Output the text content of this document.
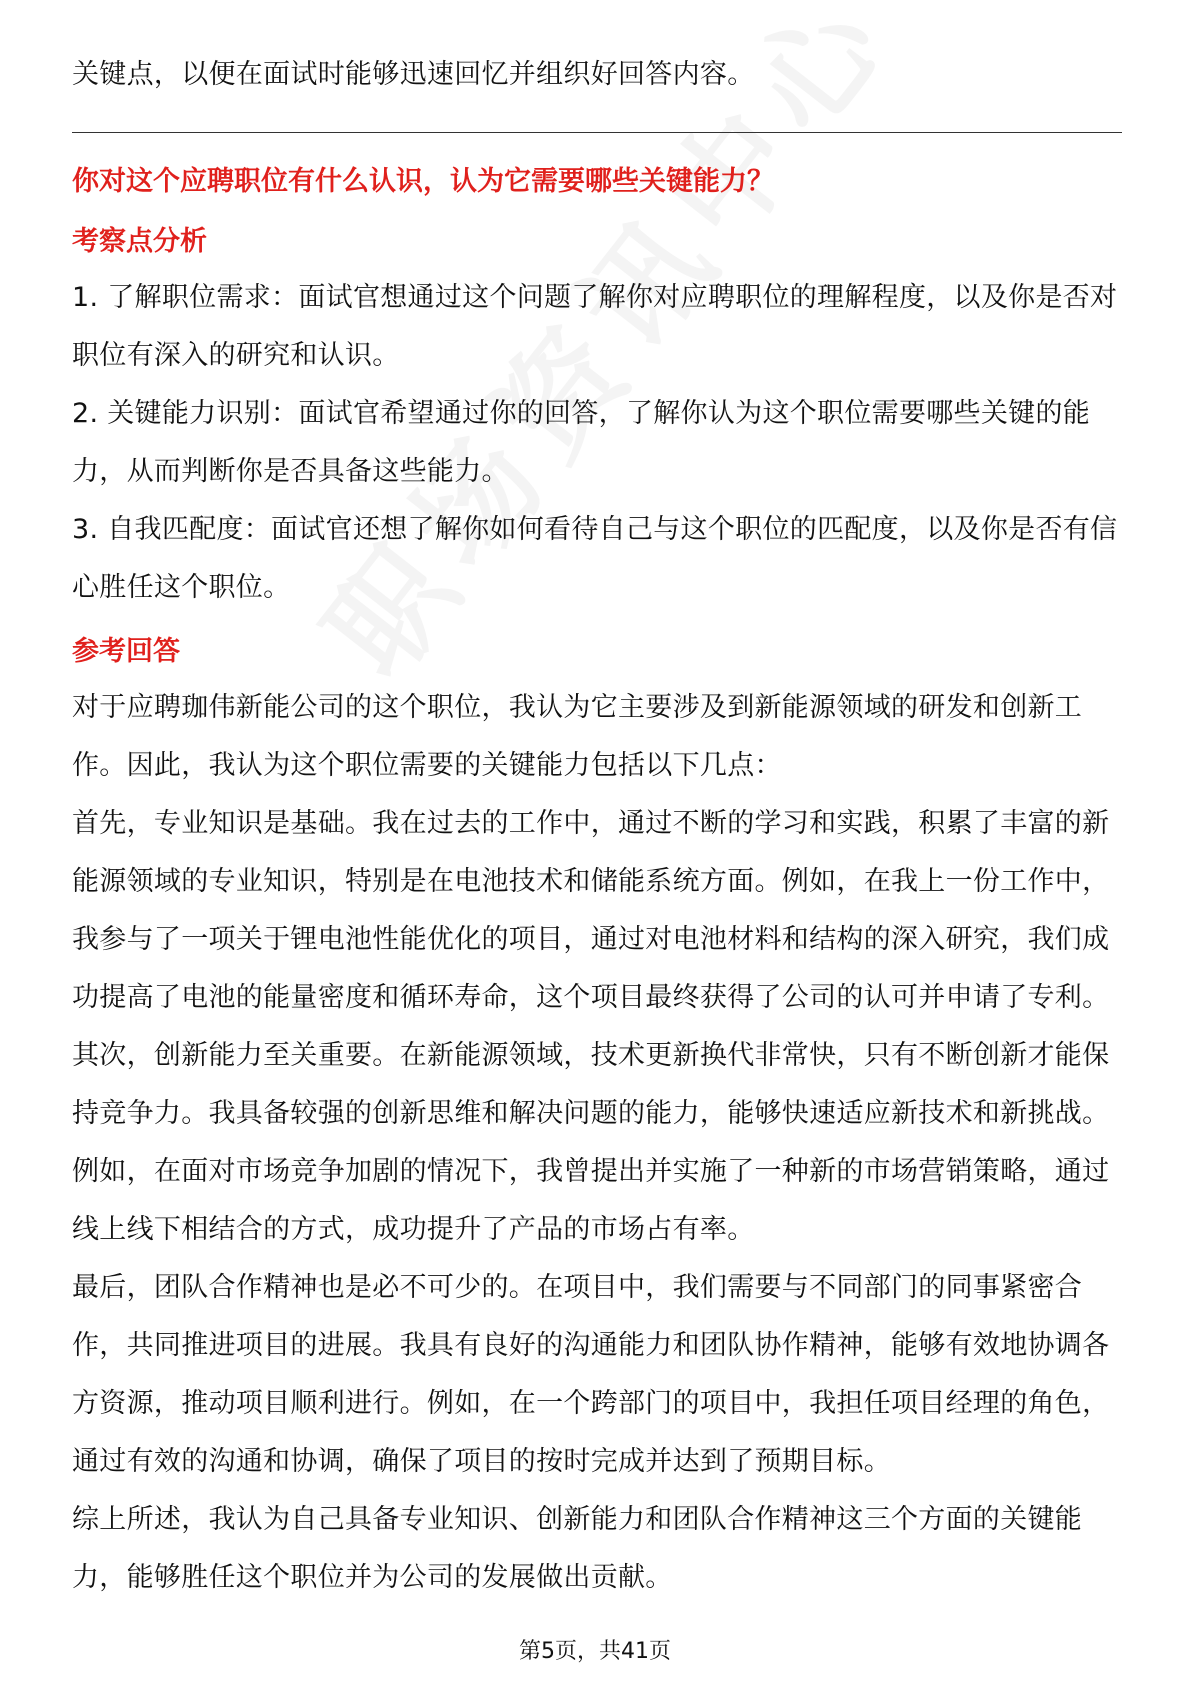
关键点，以便在面试时能够迅速回忆并组织好回答内容。

你对这个应聘职位有什么认识，认为它需要哪些关键能力？

考察点分析

1. 了解职位需求：面试官想通过这个问题了解你对应聘职位的理解程度，以及你是否对职位有深入的研究和认识。

2. 关键能力识别：面试官希望通过你的回答，了解你认为这个职位需要哪些关键的能力，从而判断你是否具备这些能力。

3. 自我匹配度：面试官还想了解你如何看待自己与这个职位的匹配度，以及你是否有信心胜任这个职位。

参考回答

对于应聘珈伟新能公司的这个职位，我认为它主要涉及到新能源领域的研发和创新工作。因此，我认为这个职位需要的关键能力包括以下几点：

首先，专业知识是基础。我在过去的工作中，通过不断的学习和实践，积累了丰富的新能源领域的专业知识，特别是在电池技术和储能系统方面。例如，在我上一份工作中，我参与了一项关于锂电池性能优化的项目，通过对电池材料和结构的深入研究，我们成功提高了电池的能量密度和循环寿命，这个项目最终获得了公司的认可并申请了专利。

其次，创新能力至关重要。在新能源领域，技术更新换代非常快，只有不断创新才能保持竞争力。我具备较强的创新思维和解决问题的能力，能够快速适应新技术和新挑战。例如，在面对市场竞争加剧的情况下，我曾提出并实施了一种新的市场营销策略，通过线上线下相结合的方式，成功提升了产品的市场占有率。

最后，团队合作精神也是必不可少的。在项目中，我们需要与不同部门的同事紧密合作，共同推进项目的进展。我具有良好的沟通能力和团队协作精神，能够有效地协调各方资源，推动项目顺利进行。例如，在一个跨部门的项目中，我担任项目经理的角色，通过有效的沟通和协调，确保了项目的按时完成并达到了预期目标。

综上所述，我认为自己具备专业知识、创新能力和团队合作精神这三个方面的关键能力，能够胜任这个职位并为公司的发展做出贡献。

第5页，共41页
